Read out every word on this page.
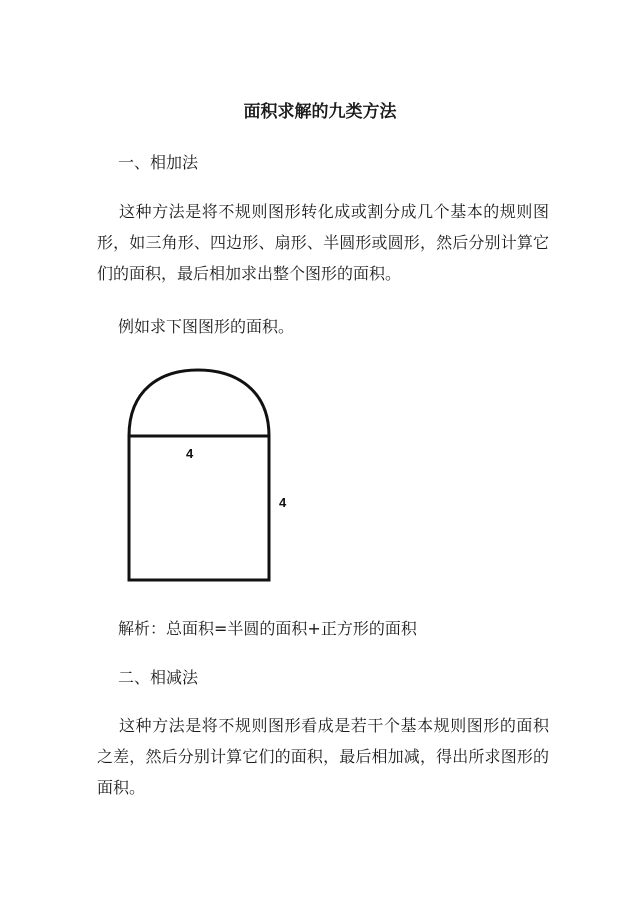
面积求解的九类方法
一、相加法

这种方法是将不规则图形转化成或割分成几个基本的规则图形，如三角形、四边形、扇形、半圆形或圆形，然后分别计算它们的面积，最后相加求出整个图形的面积。

例如求下图图形的面积。
4
4
解析：总面积=半圆的面积+正方形的面积
二、相减法

这种方法是将不规则图形看成是若干个基本规则图形的面积之差，然后分别计算它们的面积，最后相加减，得出所求图形的面积。
